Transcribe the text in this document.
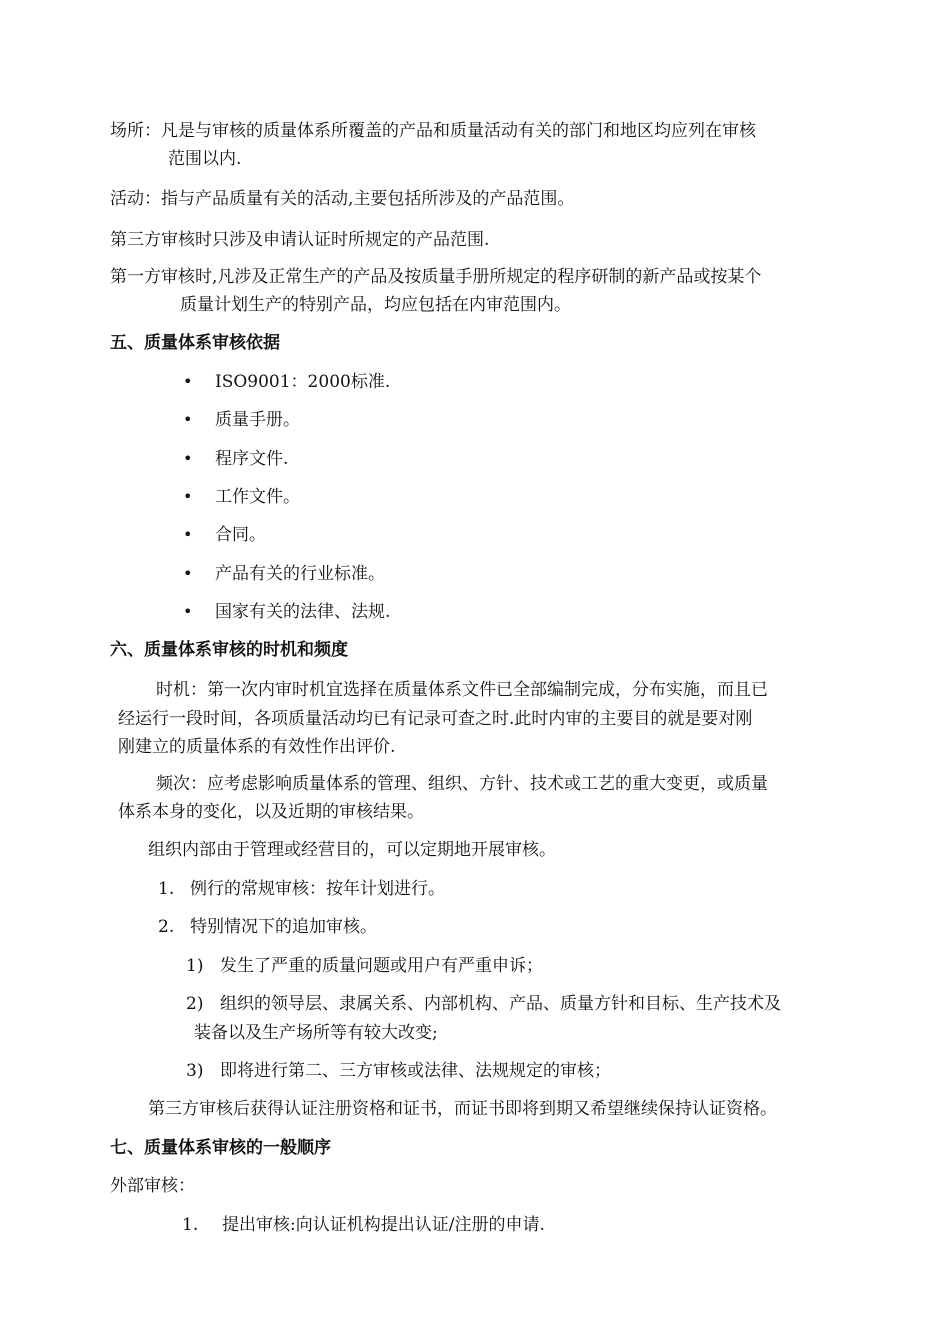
场所：凡是与审核的质量体系所覆盖的产品和质量活动有关的部门和地区均应列在审核
范围以内.
活动：指与产品质量有关的活动,主要包括所涉及的产品范围。
第三方审核时只涉及申请认证时所规定的产品范围.
第一方审核时,凡涉及正常生产的产品及按质量手册所规定的程序研制的新产品或按某个
质量计划生产的特别产品，均应包括在内审范围内。
五、质量体系审核依据
• ISO9001：2000标准.
• 质量手册。
• 程序文件.
• 工作文件。
• 合同。
• 产品有关的行业标准。
• 国家有关的法律、法规.
六、质量体系审核的时机和频度
时机：第一次内审时机宜选择在质量体系文件已全部编制完成，分布实施，而且已
经运行一段时间，各项质量活动均已有记录可查之时.此时内审的主要目的就是要对刚
刚建立的质量体系的有效性作出评价.
频次：应考虑影响质量体系的管理、组织、方针、技术或工艺的重大变更，或质量
体系本身的变化，以及近期的审核结果。
组织内部由于管理或经营目的，可以定期地开展审核。
1. 例行的常规审核：按年计划进行。
2. 特别情况下的追加审核。
1) 发生了严重的质量问题或用户有严重申诉；
2) 组织的领导层、隶属关系、内部机构、产品、质量方针和目标、生产技术及
装备以及生产场所等有较大改变;
3) 即将进行第二、三方审核或法律、法规规定的审核；
第三方审核后获得认证注册资格和证书，而证书即将到期又希望继续保持认证资格。
七、质量体系审核的一般顺序
外部审核：
1. 提出审核:向认证机构提出认证/注册的申请.
